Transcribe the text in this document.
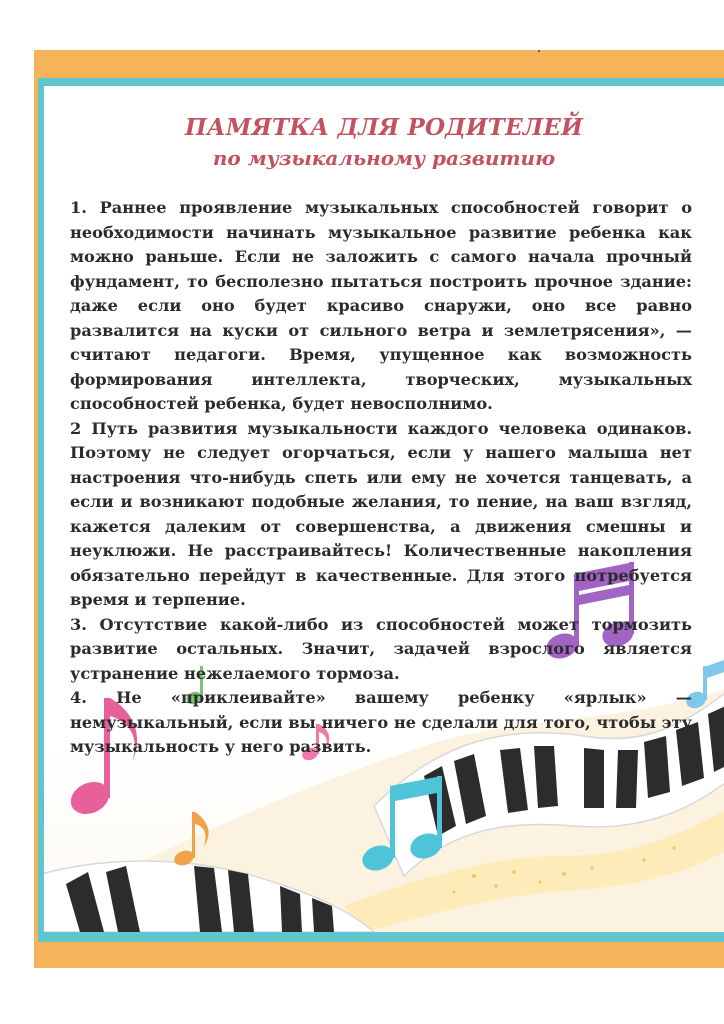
ПАМЯТКА ДЛЯ РОДИТЕЛЕЙ
по музыкальному развитию

1. Раннее проявление музыкальных способностей говорит о необходимости начинать музыкальное развитие ребенка как можно раньше. Если не заложить с самого начала прочный фундамент, то бесполезно пытаться построить прочное здание: даже если оно будет красиво снаружи, оно все равно развалится на куски от сильного ветра и землетрясения», — считают педагоги. Время, упущенное как возможность формирования интеллекта, творческих, музыкальных способностей ребенка, будет невосполнимо.

2 Путь развития музыкальности каждого человека одинаков. Поэтому не следует огорчаться, если у нашего малыша нет настроения что-нибудь спеть или ему не хочется танцевать, а если и возникают подобные желания, то пение, на ваш взгляд, кажется далеким от совершенства, а движения смешны и неуклюжи. Не расстраивайтесь! Количественные накопления обязательно перейдут в качественные. Для этого потребуется время и терпение.

3. Отсутствие какой-либо из способностей может тормозить развитие остальных. Значит, задачей взрослого является устранение нежелаемого тормоза.

4. Не «приклеивайте» вашему ребенку «ярлык» — немузыкальный, если вы ничего не сделали для того, чтобы эту музыкальность у него развить.
